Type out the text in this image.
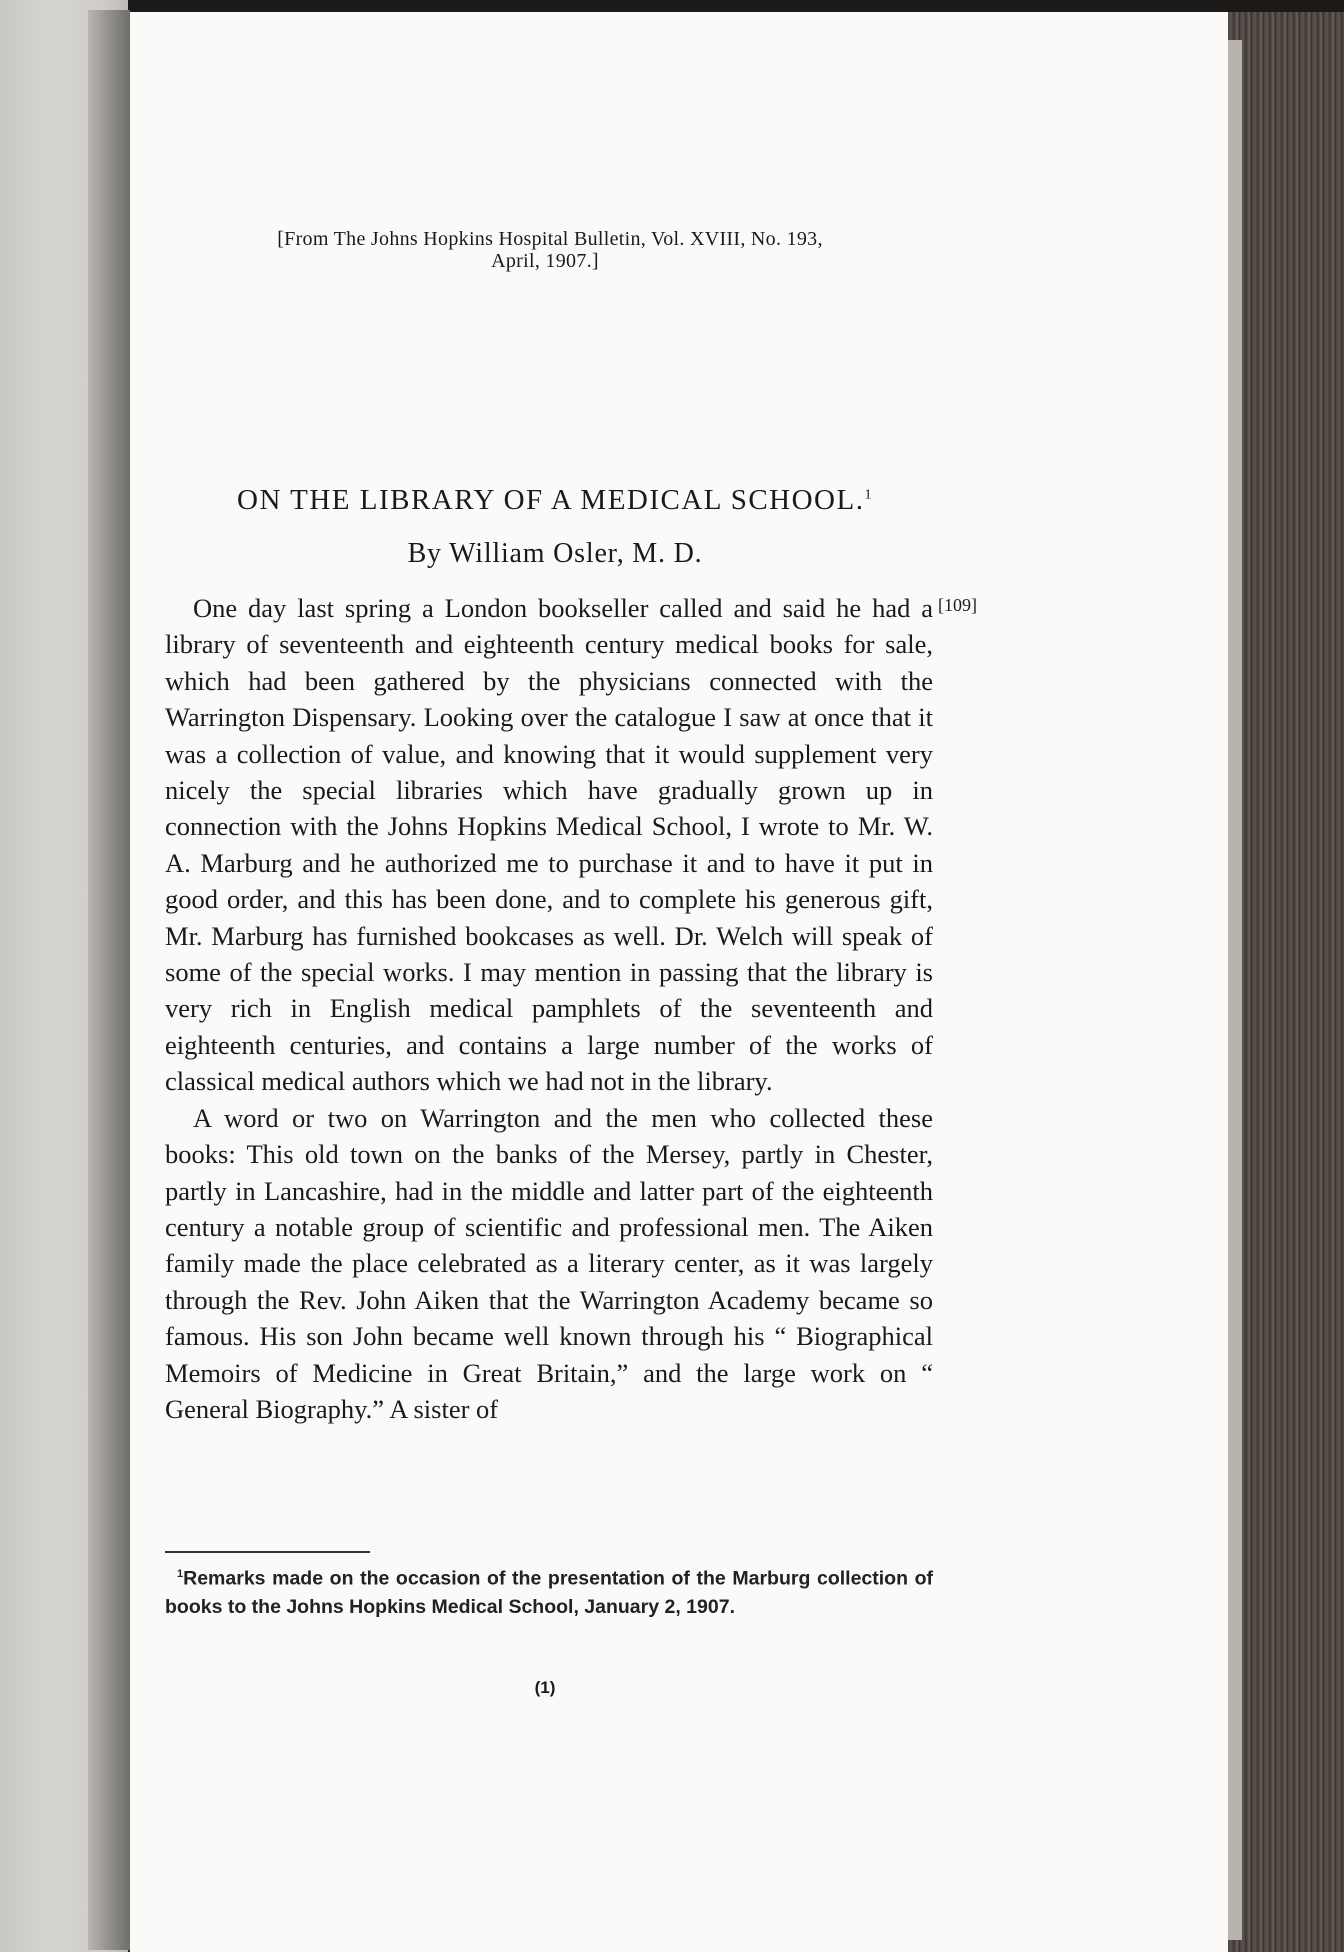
[From The Johns Hopkins Hospital Bulletin, Vol. XVIII, No. 193,
April, 1907.]
ON THE LIBRARY OF A MEDICAL SCHOOL.$^1$
By William Osler, M. D.
[109]

One day last spring a London bookseller called and said he had a library of seventeenth and eighteenth century medical books for sale, which had been gathered by the physicians connected with the Warrington Dispensary. Looking over the catalogue I saw at once that it was a collection of value, and knowing that it would supplement very nicely the special libraries which have gradually grown up in connection with the Johns Hopkins Medical School, I wrote to Mr. W. A. Marburg and he authorized me to purchase it and to have it put in good order, and this has been done, and to complete his generous gift, Mr. Marburg has furnished bookcases as well. Dr. Welch will speak of some of the special works. I may mention in passing that the library is very rich in English medical pamphlets of the seventeenth and eighteenth centuries, and contains a large number of the works of classical medical authors which we had not in the library.

A word or two on Warrington and the men who collected these books: This old town on the banks of the Mersey, partly in Chester, partly in Lancashire, had in the middle and latter part of the eighteenth century a notable group of scientific and professional men. The Aiken family made the place celebrated as a literary center, as it was largely through the Rev. John Aiken that the Warrington Academy became so famous. His son John became well known through his “ Biographical Memoirs of Medicine in Great Britain,” and the large work on “ General Biography.” A sister of

$^1$Remarks made on the occasion of the presentation of the Marburg collection of books to the Johns Hopkins Medical School, January 2, 1907.
(1)
